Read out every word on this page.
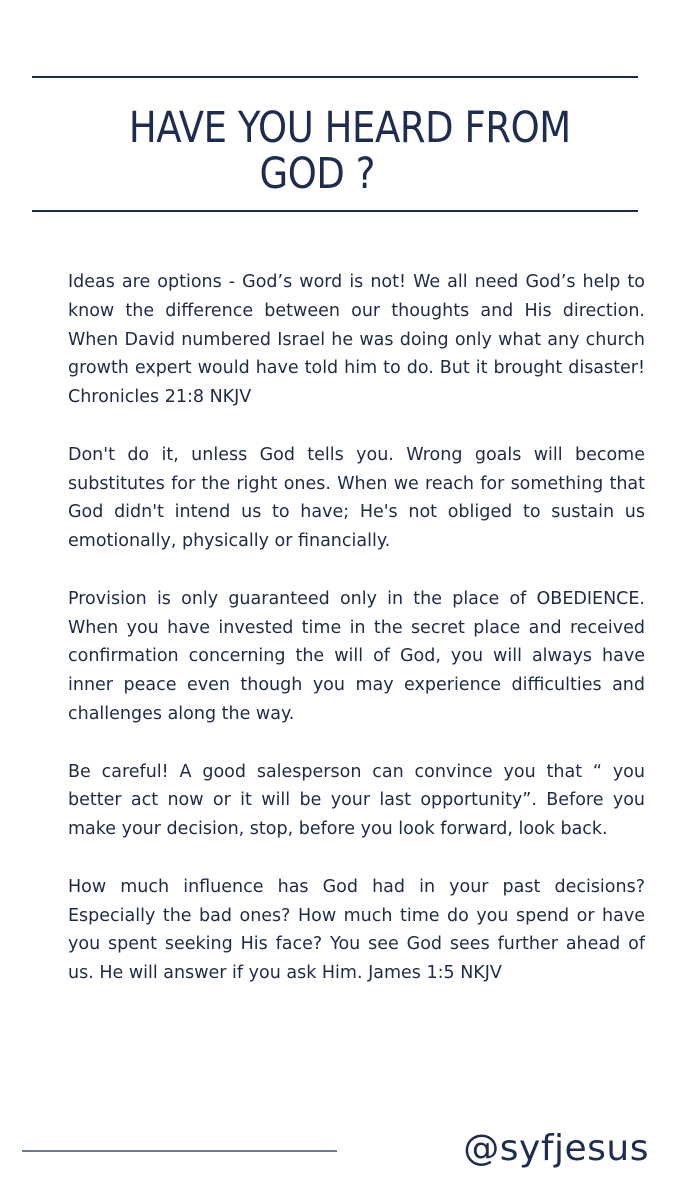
HAVE YOU HEARD FROM
GOD ?

Ideas are options - God’s word is not! We all need God’s help to know the difference between our thoughts and His direction. When David numbered Israel he was doing only what any church growth expert would have told him to do. But it brought disaster! Chronicles 21:8 NKJV

Don't do it, unless God tells you. Wrong goals will become substitutes for the right ones. When we reach for something that God didn't intend us to have; He's not obliged to sustain us emotionally, physically or financially.

Provision is only guaranteed only in the place of OBEDIENCE. When you have invested time in the secret place and received confirmation concerning the will of God, you will always have inner peace even though you may experience difficulties and challenges along the way.

Be careful! A good salesperson can convince you that “ you better act now or it will be your last opportunity”. Before you make your decision, stop, before you look forward, look back.

How much influence has God had in your past decisions? Especially the bad ones? How much time do you spend or have you spent seeking His face? You see God sees further ahead of us. He will answer if you ask Him. James 1:5 NKJV

@syfjesus
